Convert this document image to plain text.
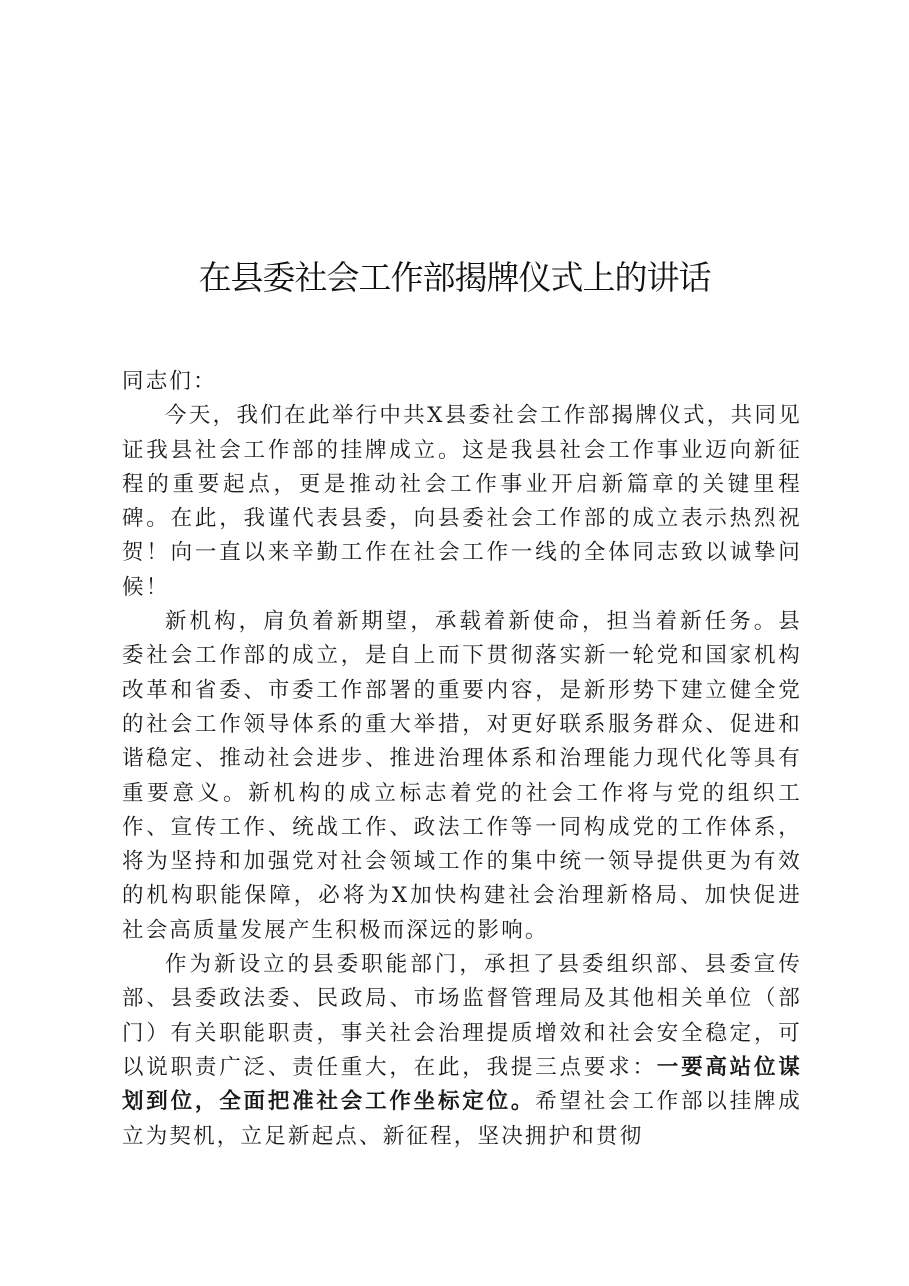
在县委社会工作部揭牌仪式上的讲话

同志们：

今天，我们在此举行中共X县委社会工作部揭牌仪式，共同见证我县社会工作部的挂牌成立。这是我县社会工作事业迈向新征程的重要起点，更是推动社会工作事业开启新篇章的关键里程碑。在此，我谨代表县委，向县委社会工作部的成立表示热烈祝贺！向一直以来辛勤工作在社会工作一线的全体同志致以诚挚问候！

新机构，肩负着新期望，承载着新使命，担当着新任务。县委社会工作部的成立，是自上而下贯彻落实新一轮党和国家机构改革和省委、市委工作部署的重要内容，是新形势下建立健全党的社会工作领导体系的重大举措，对更好联系服务群众、促进和谐稳定、推动社会进步、推进治理体系和治理能力现代化等具有重要意义。新机构的成立标志着党的社会工作将与党的组织工作、宣传工作、统战工作、政法工作等一同构成党的工作体系，将为坚持和加强党对社会领域工作的集中统一领导提供更为有效的机构职能保障，必将为X加快构建社会治理新格局、加快促进社会高质量发展产生积极而深远的影响。

作为新设立的县委职能部门，承担了县委组织部、县委宣传部、县委政法委、民政局、市场监督管理局及其他相关单位（部门）有关职能职责，事关社会治理提质增效和社会安全稳定，可以说职责广泛、责任重大，在此，我提三点要求：一要高站位谋划到位，全面把准社会工作坐标定位。希望社会工作部以挂牌成立为契机，立足新起点、新征程，坚决拥护和贯彻
